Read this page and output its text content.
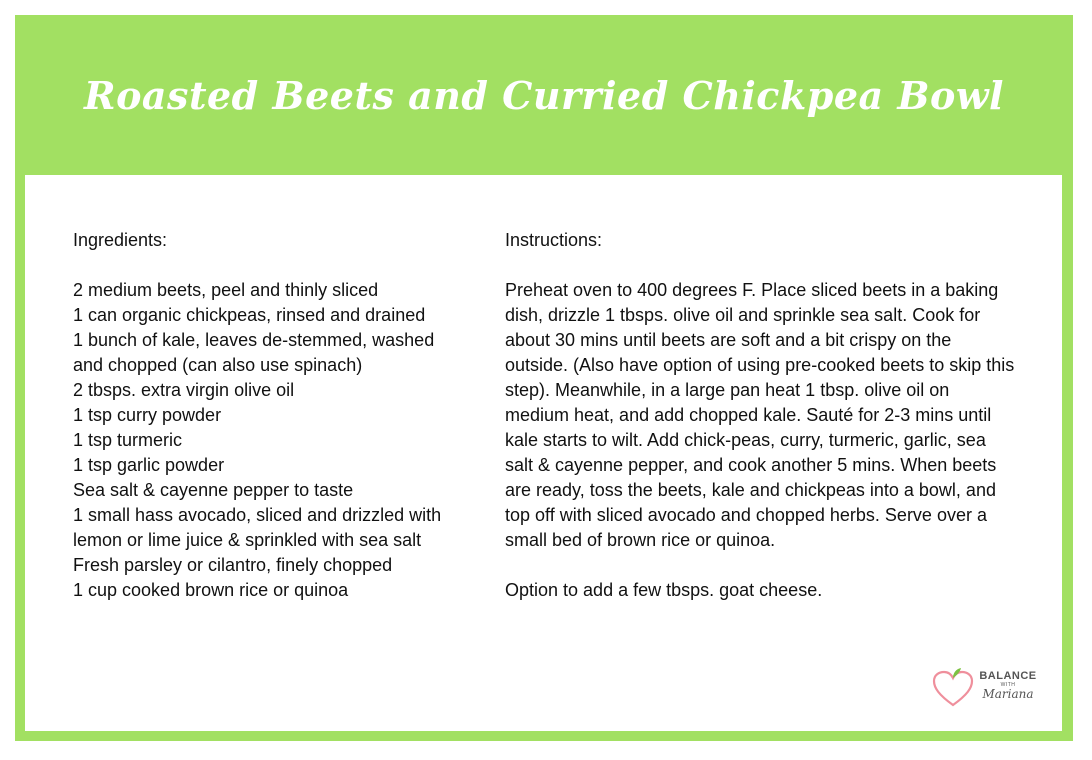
Roasted Beets and Curried Chickpea Bowl

Ingredients:

2 medium beets, peel and thinly sliced
1 can organic chickpeas, rinsed and drained
1 bunch of kale, leaves de-stemmed, washed and chopped (can also use spinach)
2 tbsps. extra virgin olive oil
1 tsp curry powder
1 tsp turmeric
1 tsp garlic powder
Sea salt & cayenne pepper to taste
1 small hass avocado, sliced and drizzled with lemon or lime juice & sprinkled with sea salt
Fresh parsley or cilantro, finely chopped
1 cup cooked brown rice or quinoa

Instructions:

Preheat oven to 400 degrees F. Place sliced beets in a baking dish, drizzle 1 tbsps. olive oil and sprinkle sea salt. Cook for about 30 mins until beets are soft and a bit crispy on the outside. (Also have option of using pre-cooked beets to skip this step). Meanwhile, in a large pan heat 1 tbsp. olive oil on medium heat, and add chopped kale. Sauté for 2-3 mins until kale starts to wilt. Add chick-peas, curry, turmeric, garlic, sea salt & cayenne pepper, and cook another 5 mins. When beets are ready, toss the beets, kale and chickpeas into a bowl, and top off with sliced avocado and chopped herbs. Serve over a small bed of brown rice or quinoa.

Option to add a few tbsps. goat cheese.

BALANCE
WITH
Mariana
